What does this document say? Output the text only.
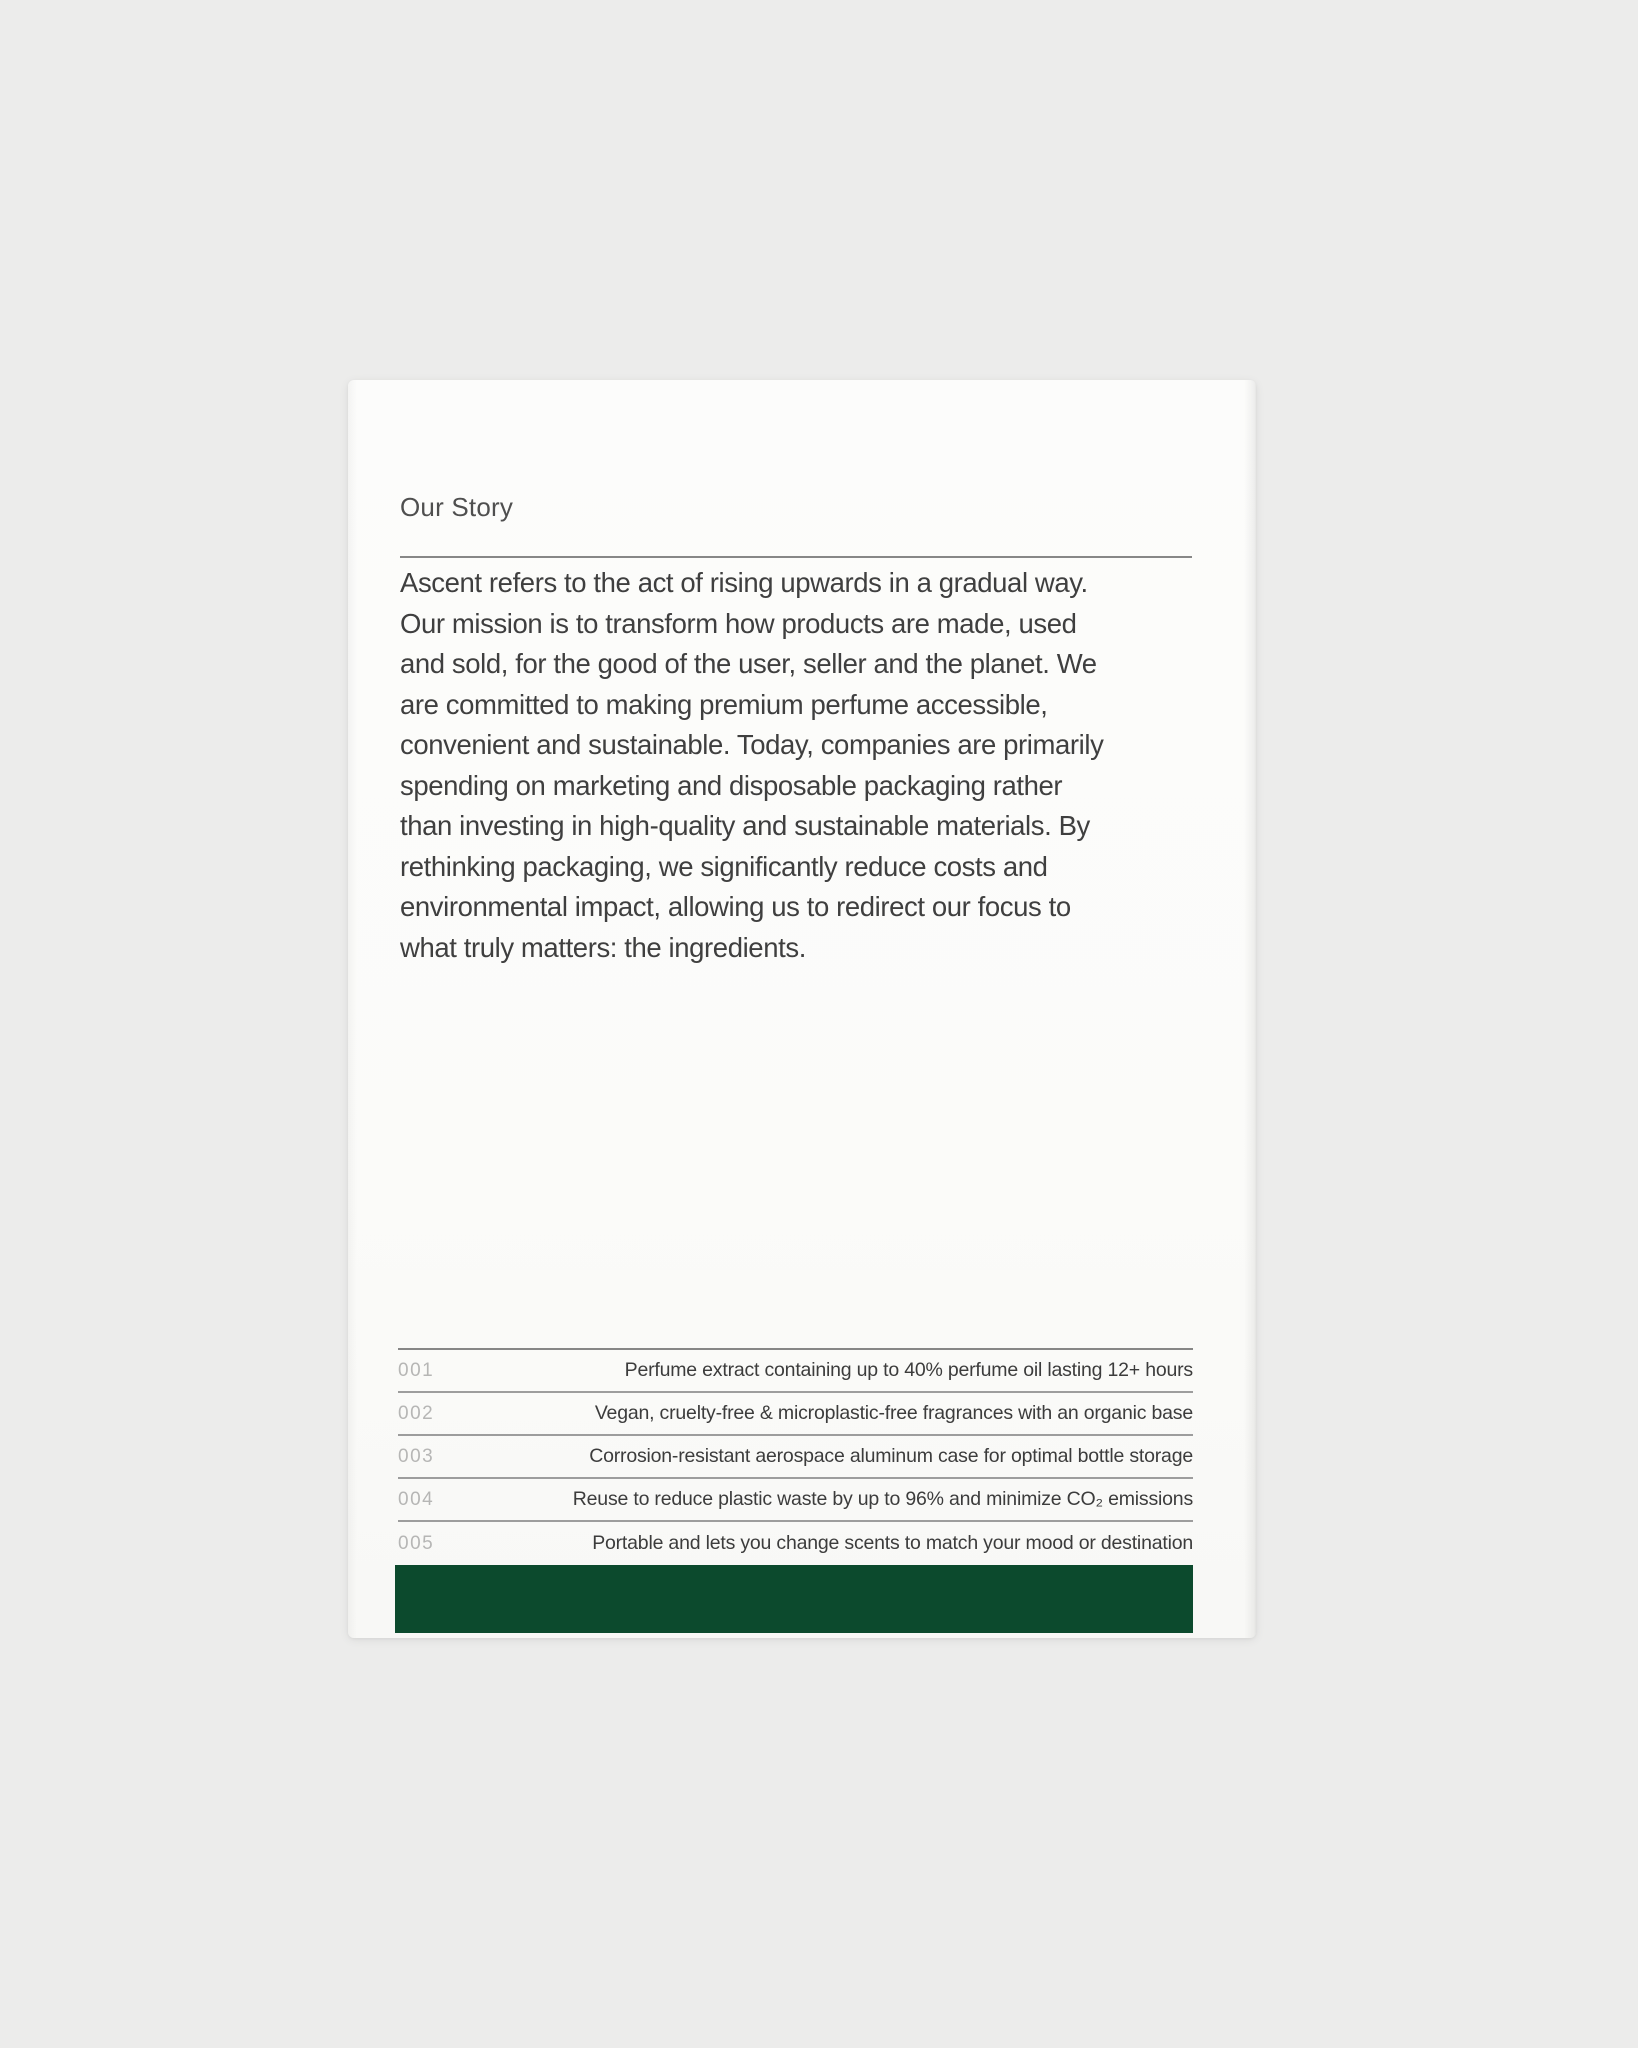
Our Story
Ascent refers to the act of rising upwards in a gradual way.
Our mission is to transform how products are made, used
and sold, for the good of the user, seller and the planet. We
are committed to making premium perfume accessible,
convenient and sustainable. Today, companies are primarily
spending on marketing and disposable packaging rather
than investing in high-quality and sustainable materials. By
rethinking packaging, we significantly reduce costs and
environmental impact, allowing us to redirect our focus to
what truly matters: the ingredients.
001	Perfume extract containing up to 40% perfume oil lasting 12+ hours
002	Vegan, cruelty-free & microplastic-free fragrances with an organic base
003	Corrosion-resistant aerospace aluminum case for optimal bottle storage
004	Reuse to reduce plastic waste by up to 96% and minimize CO₂ emissions
005	Portable and lets you change scents to match your mood or destination
